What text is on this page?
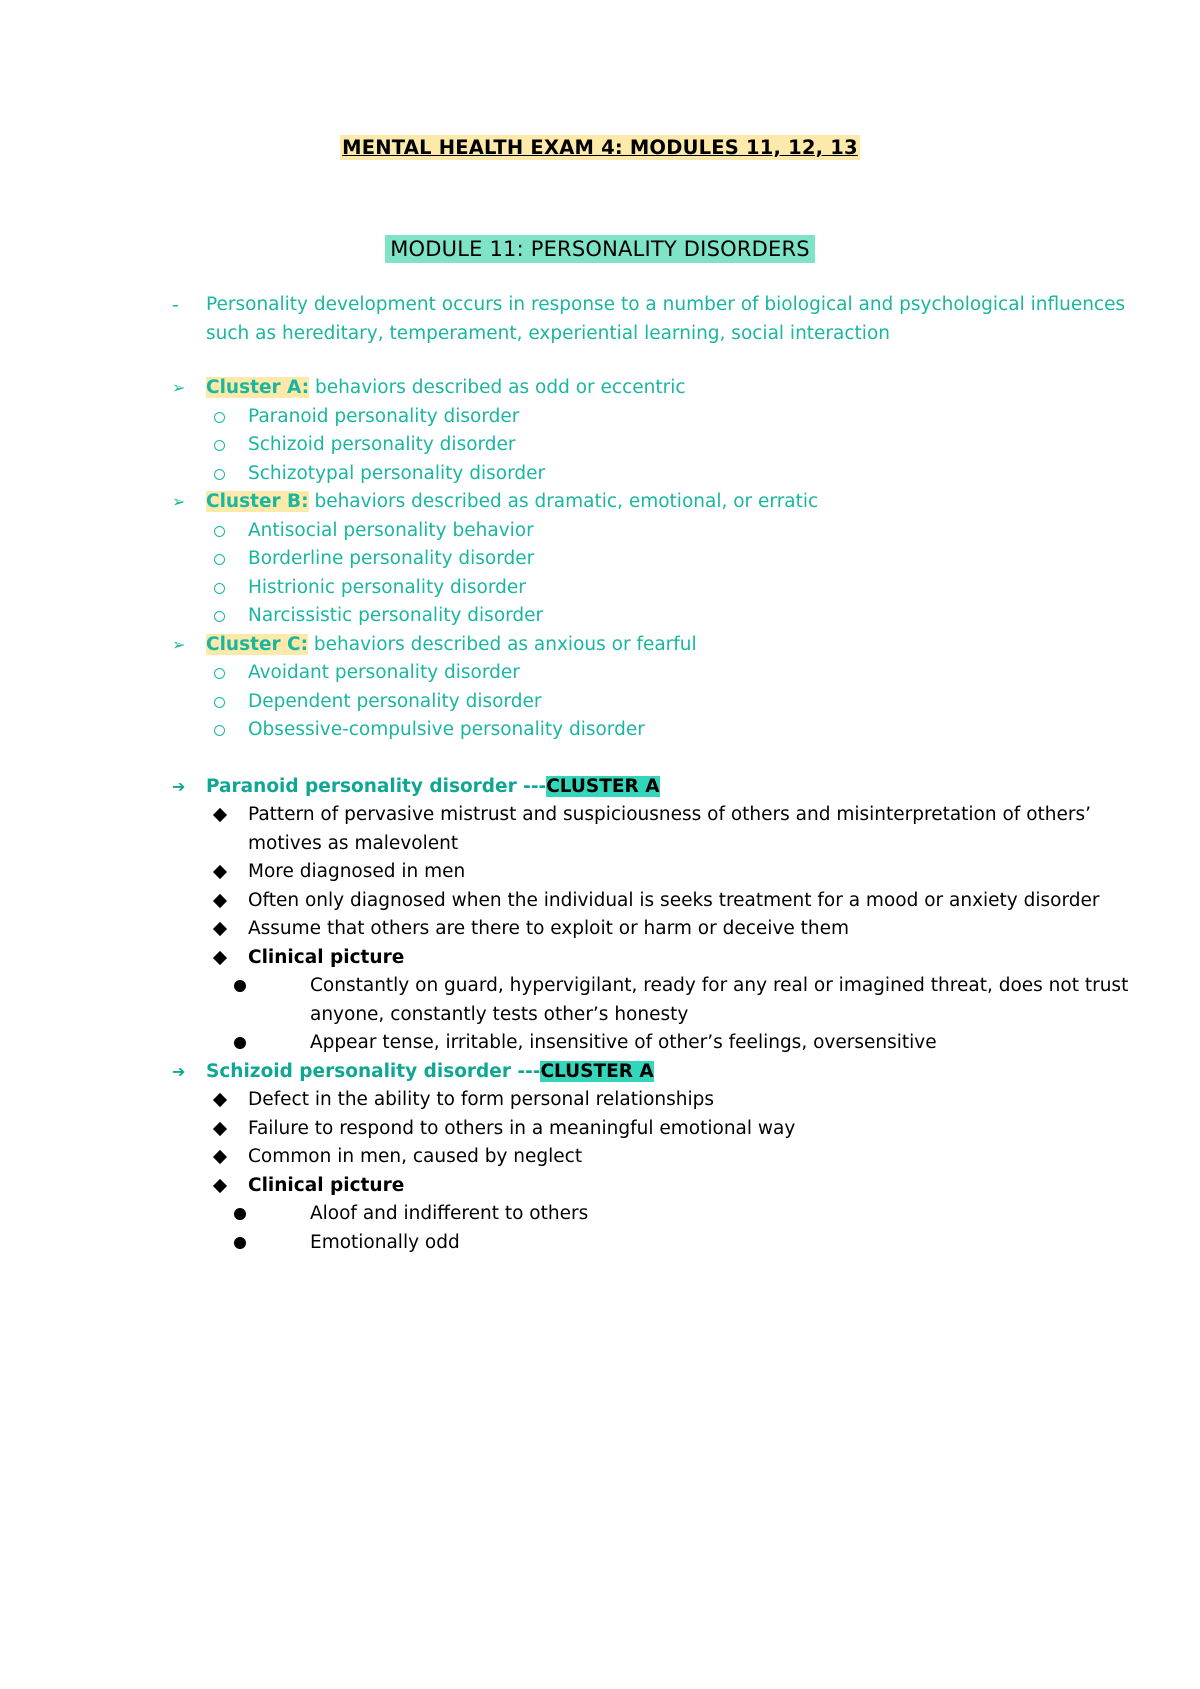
MENTAL HEALTH EXAM 4: MODULES 11, 12, 13
MODULE 11: PERSONALITY DISORDERS
-	Personality development occurs in response to a number of biological and psychological influences such as hereditary, temperament, experiential learning, social interaction
➢	Cluster A: behaviors described as odd or eccentric
Paranoid personality disorder
Schizoid personality disorder
Schizotypal personality disorder
➢	Cluster B: behaviors described as dramatic, emotional, or erratic
Antisocial personality behavior
Borderline personality disorder
Histrionic personality disorder
Narcissistic personality disorder
➢	Cluster C: behaviors described as anxious or fearful
Avoidant personality disorder
Dependent personality disorder
Obsessive-compulsive personality disorder
➔	Paranoid personality disorder ---CLUSTER A
Pattern of pervasive mistrust and suspiciousness of others and misinterpretation of others’ motives as malevolent
More diagnosed in men
Often only diagnosed when the individual is seeks treatment for a mood or anxiety disorder
Assume that others are there to exploit or harm or deceive them
Clinical picture
Constantly on guard, hypervigilant, ready for any real or imagined threat, does not trust anyone, constantly tests other’s honesty
Appear tense, irritable, insensitive of other’s feelings, oversensitive
➔	Schizoid personality disorder ---CLUSTER A
Defect in the ability to form personal relationships
Failure to respond to others in a meaningful emotional way
Common in men, caused by neglect
Clinical picture
Aloof and indifferent to others
Emotionally odd
